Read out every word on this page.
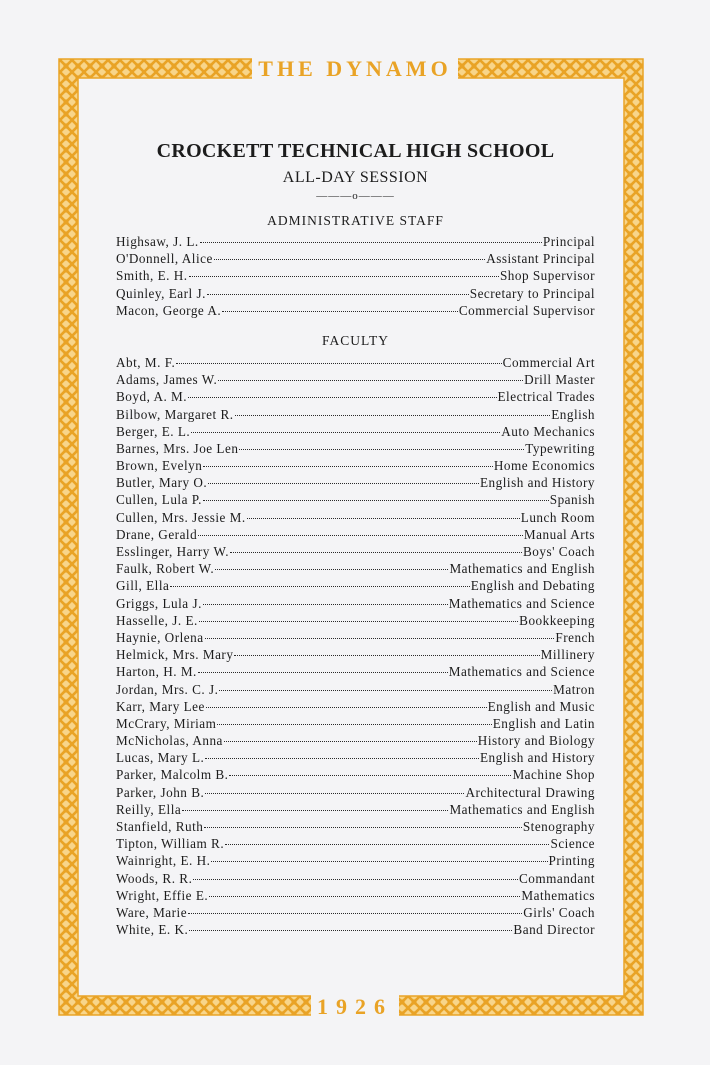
THE DYNAMO
CROCKETT TECHNICAL HIGH SCHOOL
ALL-DAY SESSION
———o———
ADMINISTRATIVE STAFF
Highsaw, J. L.	Principal
O'Donnell, Alice	Assistant Principal
Smith, E. H.	Shop Supervisor
Quinley, Earl J.	Secretary to Principal
Macon, George A.	Commercial Supervisor
FACULTY
Abt, M. F.	Commercial Art
Adams, James W.	Drill Master
Boyd, A. M.	Electrical Trades
Bilbow, Margaret R.	English
Berger, E. L.	Auto Mechanics
Barnes, Mrs. Joe Len	Typewriting
Brown, Evelyn	Home Economics
Butler, Mary O.	English and History
Cullen, Lula P.	Spanish
Cullen, Mrs. Jessie M.	Lunch Room
Drane, Gerald	Manual Arts
Esslinger, Harry W.	Boys' Coach
Faulk, Robert W.	Mathematics and English
Gill, Ella	English and Debating
Griggs, Lula J.	Mathematics and Science
Hasselle, J. E.	Bookkeeping
Haynie, Orlena	French
Helmick, Mrs. Mary	Millinery
Harton, H. M.	Mathematics and Science
Jordan, Mrs. C. J.	Matron
Karr, Mary Lee	English and Music
McCrary, Miriam	English and Latin
McNicholas, Anna	History and Biology
Lucas, Mary L.	English and History
Parker, Malcolm B.	Machine Shop
Parker, John B.	Architectural Drawing
Reilly, Ella	Mathematics and English
Stanfield, Ruth	Stenography
Tipton, William R.	Science
Wainright, E. H.	Printing
Woods, R. R.	Commandant
Wright, Effie E.	Mathematics
Ware, Marie	Girls' Coach
White, E. K.	Band Director
1926
